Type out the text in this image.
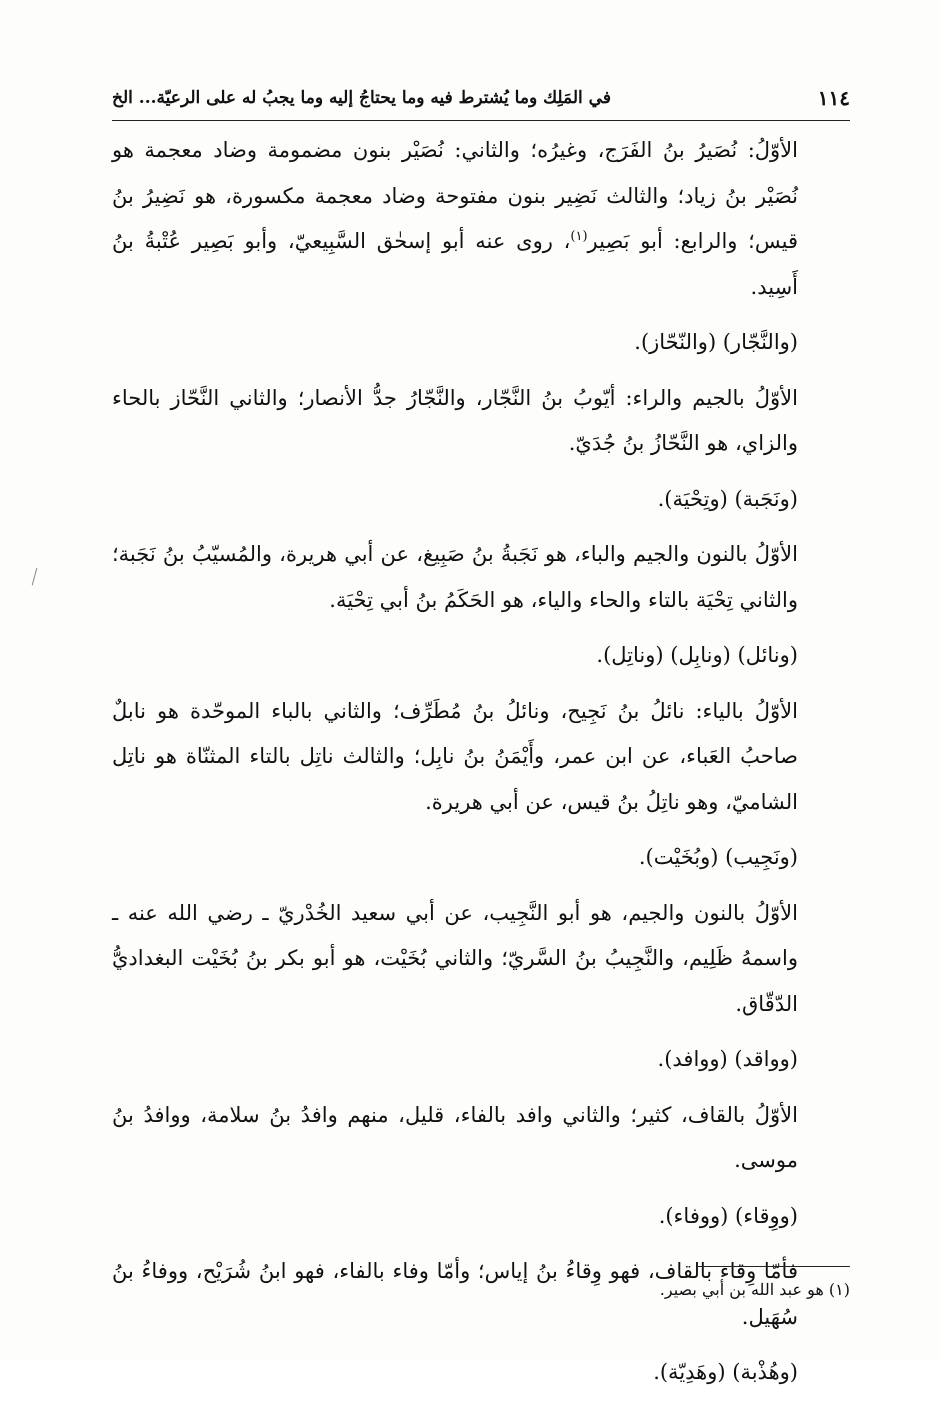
١١٤
في المَلِك وما يُشترط فيه وما يحتاجُ إليه وما يجبُ له على الرعيّة... الخ

الأوّلُ: نُصَيرُ بنُ الفَرَج، وغيرُه؛ والثاني: نُصَيْر بنون مضمومة وضاد معجمة هو نُصَيْر بنُ زياد؛ والثالث نَضِير بنون مفتوحة وضاد معجمة مكسورة، هو نَضِيرُ بنُ قيس؛ والرابع: أبو بَصِير$^{(١)}$، روى عنه أبو إسحٰق السَّبِيعيّ، وأبو بَصِير عُتْبةُ بنُ أَسِيد.

(والنَّجّار) (والنّحّاز).

الأوّلُ بالجيم والراء: أيّوبُ بنُ النَّجّار، والنَّجّارُ جدُّ الأنصار؛ والثاني النَّحّاز بالحاء والزاي، هو النَّحّازُ بنُ جُدَيّ.

(ونَجَبة) (وتِحْيَة).

الأوّلُ بالنون والجيم والباء، هو نَجَبةُ بنُ صَبِيغ، عن أبي هريرة، والمُسيّبُ بنُ نَجَبة؛ والثاني تِحْيَة بالتاء والحاء والياء، هو الحَكَمُ بنُ أبي تِحْيَة.

(ونائل) (ونابِل) (وناتِل).

الأوّلُ بالياء: نائلُ بنُ نَجِيح، ونائلُ بنُ مُطَرِّف؛ والثاني بالباء الموحّدة هو نابلٌ صاحبُ العَباء، عن ابن عمر، وأَيْمَنُ بنُ نابِل؛ والثالث ناتِل بالتاء المثنّاة هو ناتِل الشاميّ، وهو ناتِلُ بنُ قيس، عن أبي هريرة.

(ونَجِيب) (وبُخَيْت).

الأوّلُ بالنون والجيم، هو أبو النَّجِيب، عن أبي سعيد الخُدْريّ ـ رضي الله عنه ـ واسمهُ ظَلِيم، والنَّجِيبُ بنُ السَّريّ؛ والثاني بُخَيْت، هو أبو بكر بنُ بُخَيْت البغداديُّ الدّقّاق.

(وواقد) (ووافد).

الأوّلُ بالقاف، كثير؛ والثاني وافد بالفاء، قليل، منهم وافدُ بنُ سلامة، ووافدُ بنُ موسى.

(ووِقاء) (ووفاء).

فأمّا وِقاء بالقاف، فهو وِقاءُ بنُ إياس؛ وأمّا وفاء بالفاء، فهو ابنُ شُرَيْح، ووفاءُ بنُ سُهَيل.

(وهُذْبة) (وهَدِيّة).

(١) هو عبد الله بن أبي بصير.
